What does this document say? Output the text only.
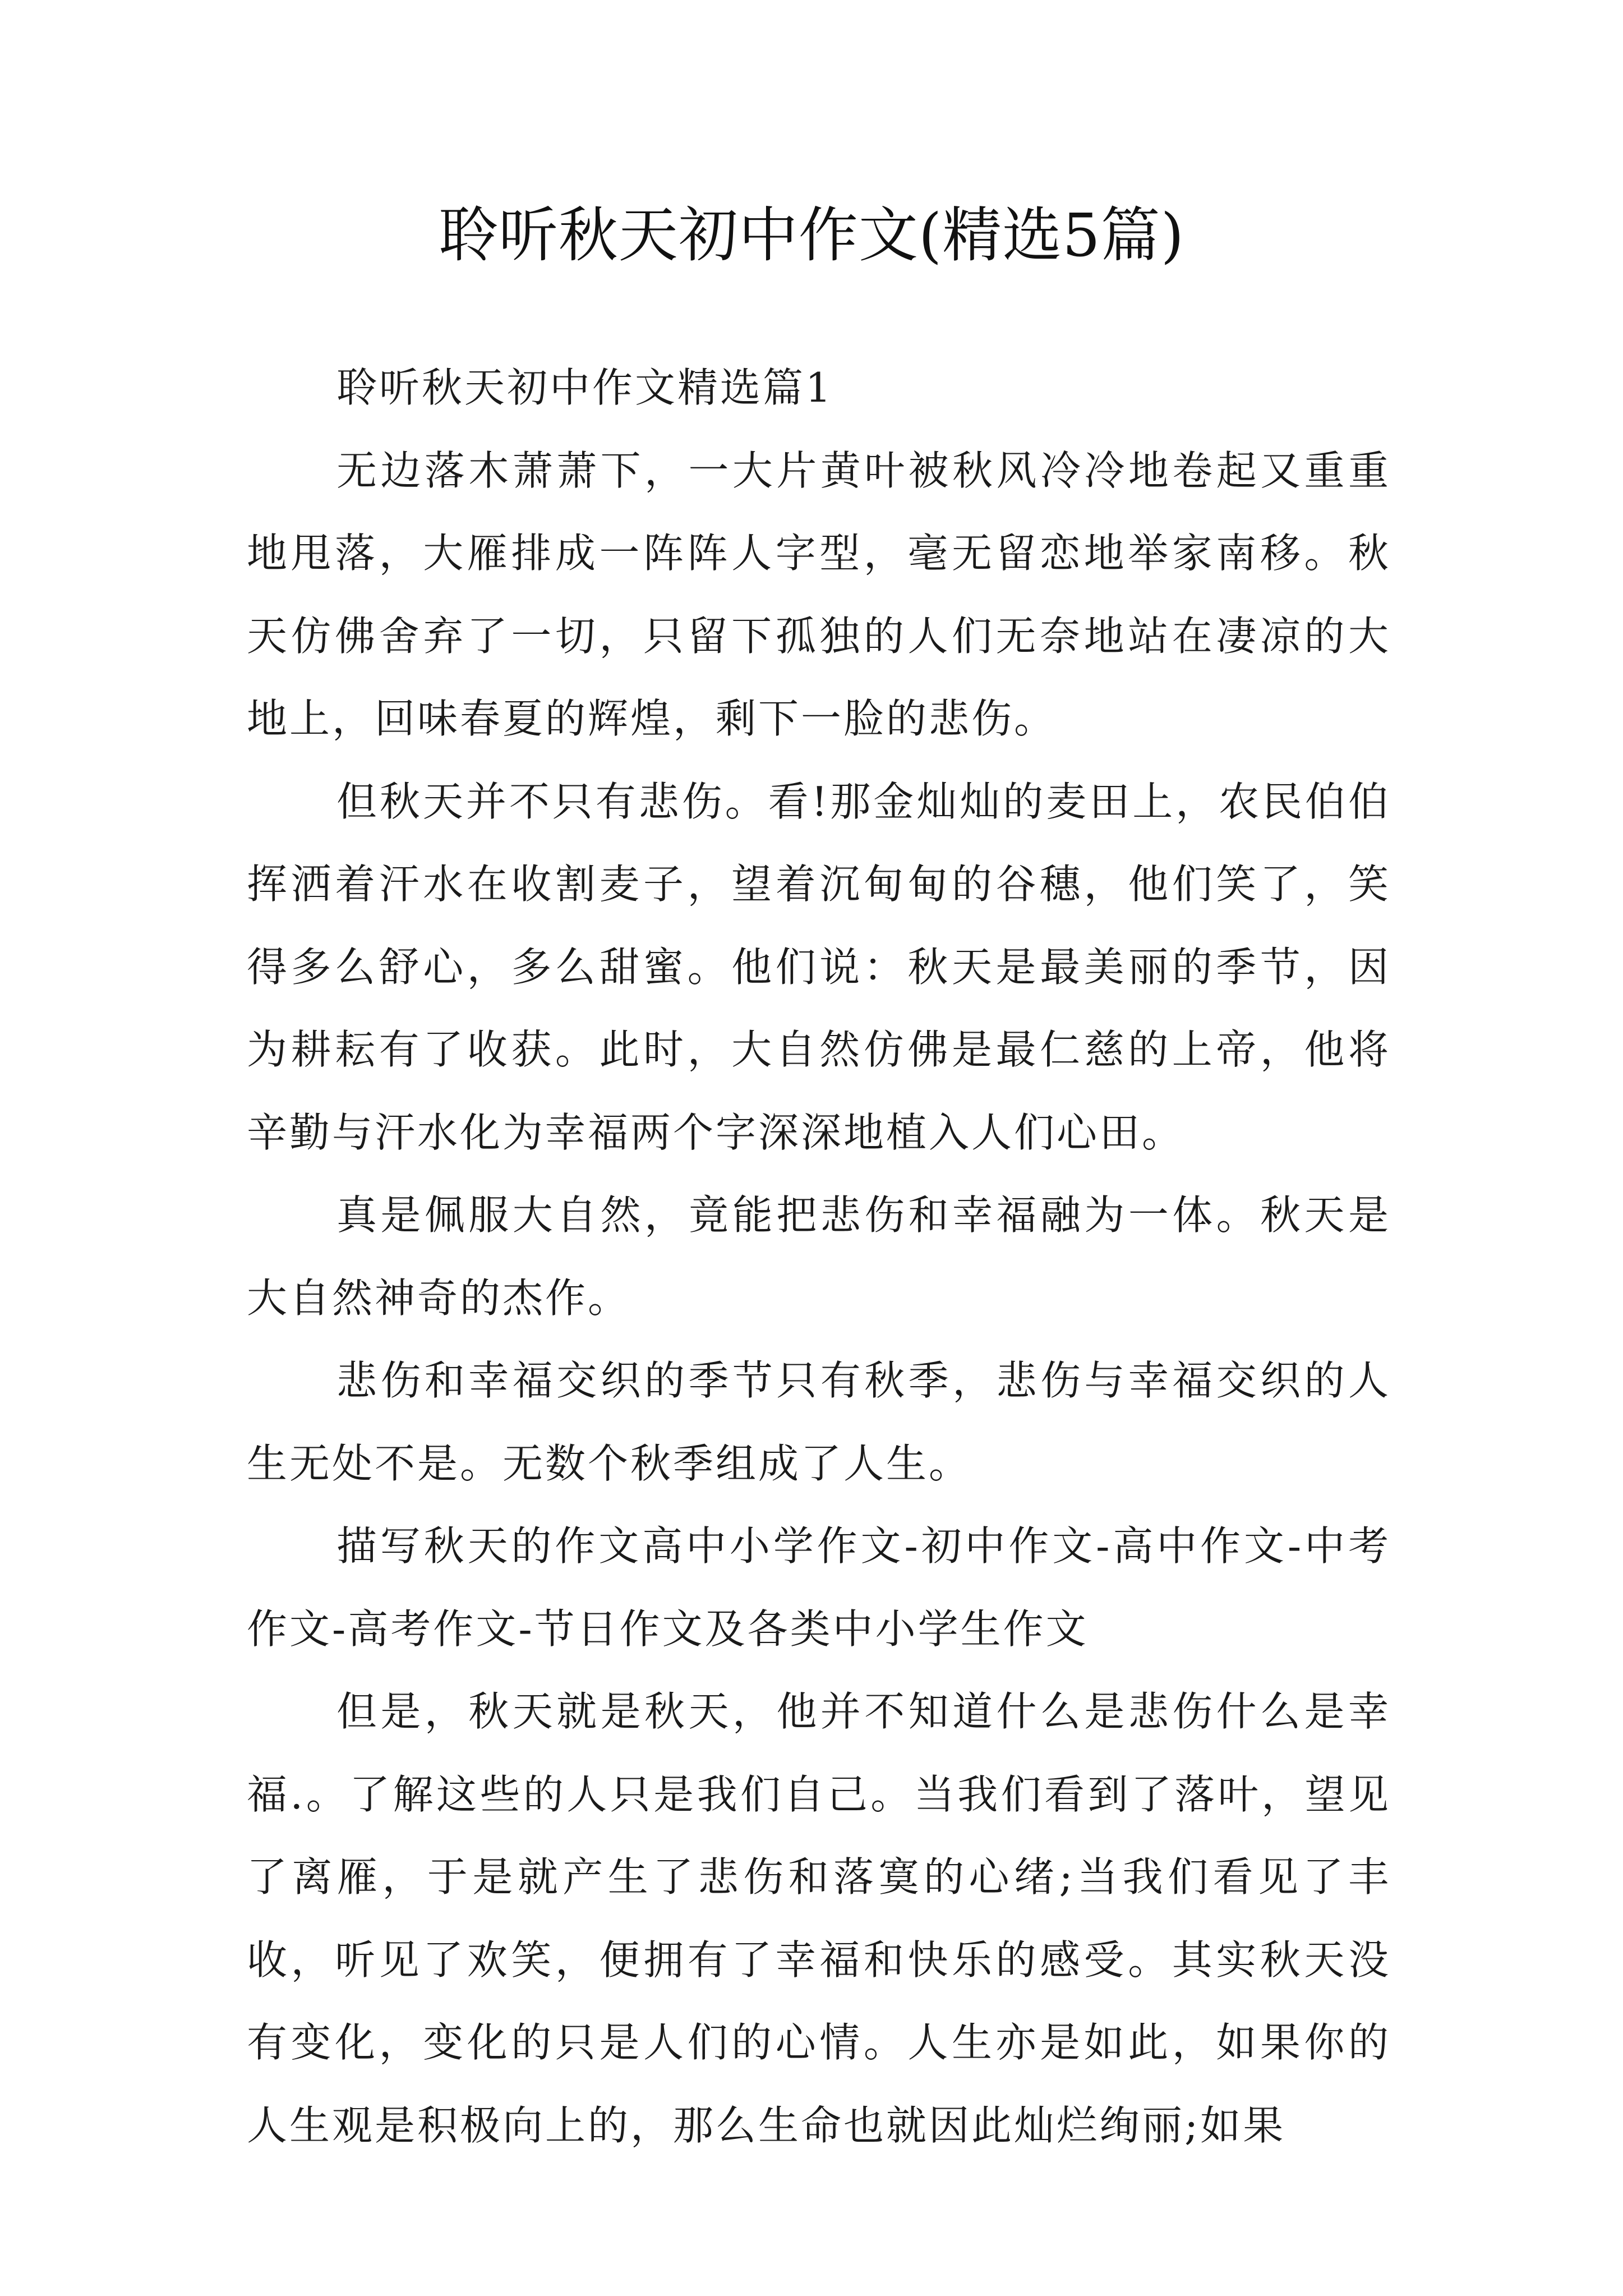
聆听秋天初中作文(精选5篇)

聆听秋天初中作文精选篇1

无边落木萧萧下，一大片黄叶被秋风冷冷地卷起又重重地甩落，大雁排成一阵阵人字型，毫无留恋地举家南移。秋天仿佛舍弃了一切，只留下孤独的人们无奈地站在凄凉的大地上，回味春夏的辉煌，剩下一脸的悲伤。

但秋天并不只有悲伤。看!那金灿灿的麦田上，农民伯伯挥洒着汗水在收割麦子，望着沉甸甸的谷穗，他们笑了，笑得多么舒心，多么甜蜜。他们说：秋天是最美丽的季节，因为耕耘有了收获。此时，大自然仿佛是最仁慈的上帝，他将辛勤与汗水化为幸福两个字深深地植入人们心田。

真是佩服大自然，竟能把悲伤和幸福融为一体。秋天是大自然神奇的杰作。

悲伤和幸福交织的季节只有秋季，悲伤与幸福交织的人生无处不是。无数个秋季组成了人生。

描写秋天的作文高中小学作文-初中作文-高中作文-中考作文-高考作文-节日作文及各类中小学生作文

但是，秋天就是秋天，他并不知道什么是悲伤什么是幸福.。了解这些的人只是我们自己。当我们看到了落叶，望见了离雁，于是就产生了悲伤和落寞的心绪;当我们看见了丰收，听见了欢笑，便拥有了幸福和快乐的感受。其实秋天没有变化，变化的只是人们的心情。人生亦是如此，如果你的人生观是积极向上的，那么生命也就因此灿烂绚丽;如果
